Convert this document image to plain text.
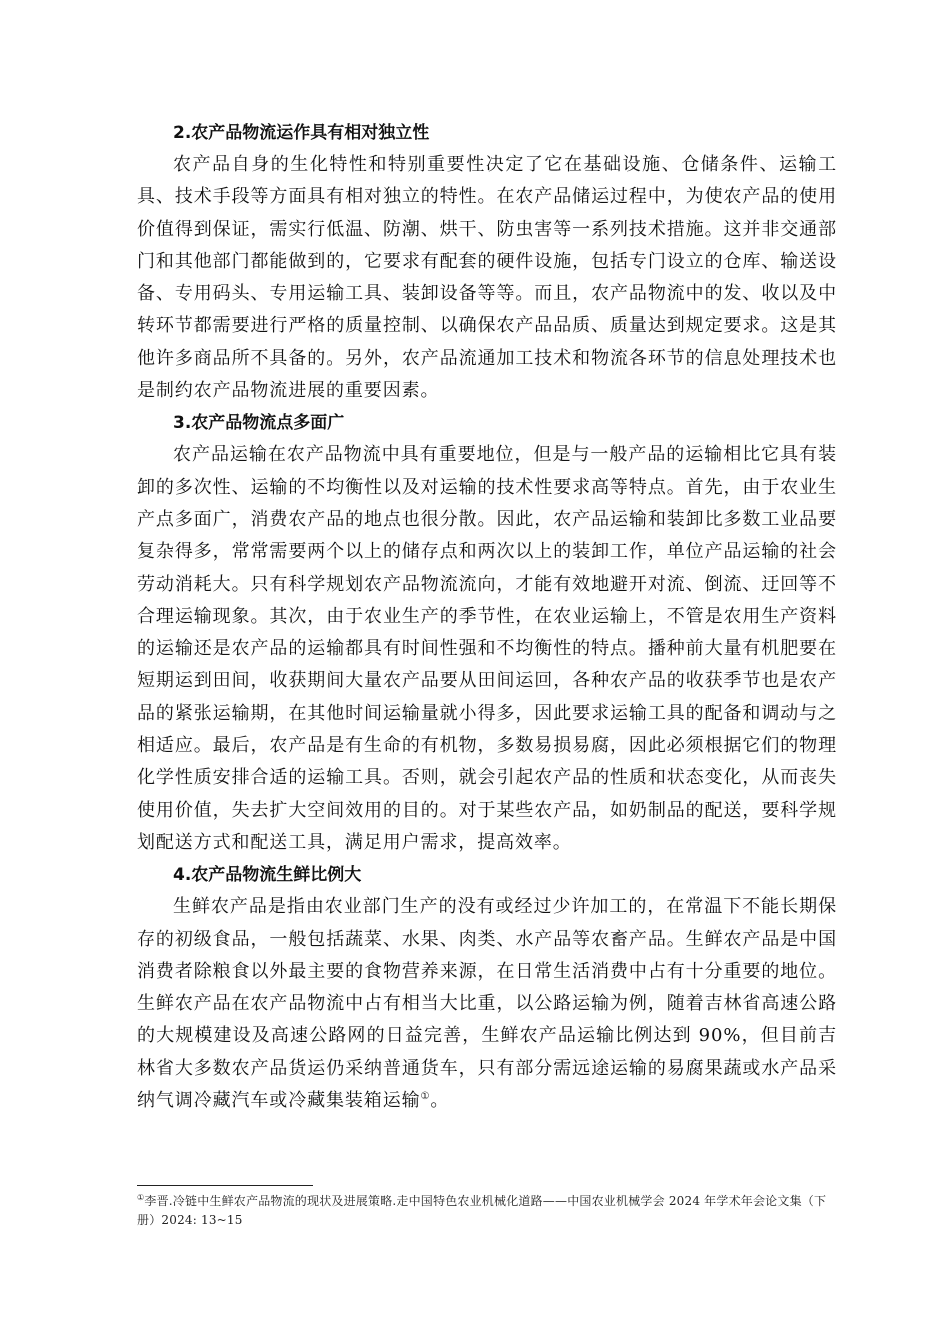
2.农产品物流运作具有相对独立性

农产品自身的生化特性和特别重要性决定了它在基础设施、仓储条件、运输工具、技术手段等方面具有相对独立的特性。在农产品储运过程中，为使农产品的使用价值得到保证，需实行低温、防潮、烘干、防虫害等一系列技术措施。这并非交通部门和其他部门都能做到的，它要求有配套的硬件设施，包括专门设立的仓库、输送设备、专用码头、专用运输工具、装卸设备等等。而且，农产品物流中的发、收以及中转环节都需要进行严格的质量控制、以确保农产品品质、质量达到规定要求。这是其他许多商品所不具备的。另外，农产品流通加工技术和物流各环节的信息处理技术也是制约农产品物流进展的重要因素。

3.农产品物流点多面广

农产品运输在农产品物流中具有重要地位，但是与一般产品的运输相比它具有装卸的多次性、运输的不均衡性以及对运输的技术性要求高等特点。首先，由于农业生产点多面广，消费农产品的地点也很分散。因此，农产品运输和装卸比多数工业品要复杂得多，常常需要两个以上的储存点和两次以上的装卸工作，单位产品运输的社会劳动消耗大。只有科学规划农产品物流流向，才能有效地避开对流、倒流、迂回等不合理运输现象。其次，由于农业生产的季节性，在农业运输上，不管是农用生产资料的运输还是农产品的运输都具有时间性强和不均衡性的特点。播种前大量有机肥要在短期运到田间，收获期间大量农产品要从田间运回，各种农产品的收获季节也是农产品的紧张运输期，在其他时间运输量就小得多，因此要求运输工具的配备和调动与之相适应。最后，农产品是有生命的有机物，多数易损易腐，因此必须根据它们的物理化学性质安排合适的运输工具。否则，就会引起农产品的性质和状态变化，从而丧失使用价值，失去扩大空间效用的目的。对于某些农产品，如奶制品的配送，要科学规划配送方式和配送工具，满足用户需求，提高效率。

4.农产品物流生鲜比例大

生鲜农产品是指由农业部门生产的没有或经过少许加工的，在常温下不能长期保存的初级食品，一般包括蔬菜、水果、肉类、水产品等农畜产品。生鲜农产品是中国消费者除粮食以外最主要的食物营养来源，在日常生活消费中占有十分重要的地位。生鲜农产品在农产品物流中占有相当大比重，以公路运输为例，随着吉林省高速公路的大规模建设及高速公路网的日益完善，生鲜农产品运输比例达到 90%，但目前吉林省大多数农产品货运仍采纳普通货车，只有部分需远途运输的易腐果蔬或水产品采纳气调冷藏汽车或冷藏集装箱运输①。

①李晋.冷链中生鲜农产品物流的现状及进展策略.走中国特色农业机械化道路——中国农业机械学会 2024 年学术年会论文集（下册）2024: 13~15
